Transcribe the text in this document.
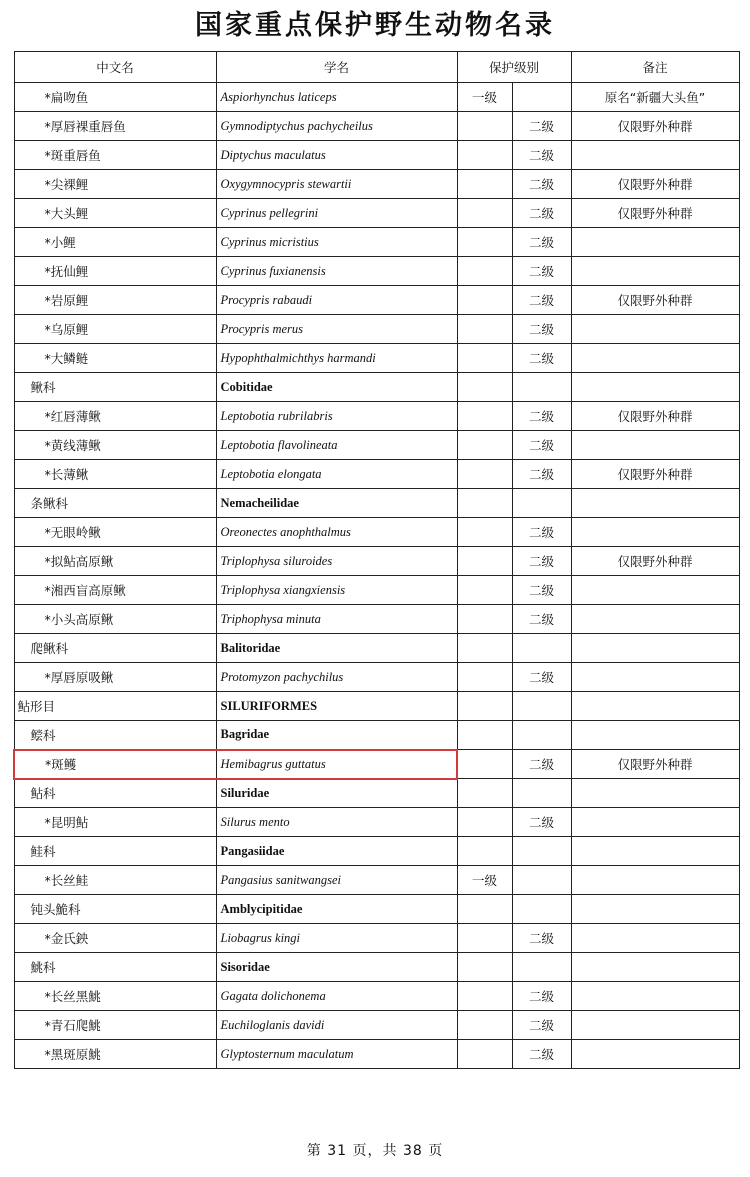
国家重点保护野生动物名录
中文名	学名	保护级别		备注
*扁吻鱼	Aspiorhynchus laticeps	一级		原名“新疆大头鱼”
*厚唇裸重唇鱼	Gymnodiptychus pachycheilus		二级	仅限野外种群
*斑重唇鱼	Diptychus maculatus		二级	
*尖裸鲤	Oxygymnocypris stewartii		二级	仅限野外种群
*大头鲤	Cyprinus pellegrini		二级	仅限野外种群
*小鲤	Cyprinus micristius		二级	
*抚仙鲤	Cyprinus fuxianensis		二级	
*岩原鲤	Procypris rabaudi		二级	仅限野外种群
*乌原鲤	Procypris merus		二级	
*大鳞鲢	Hypophthalmichthys harmandi		二级	
鳅科	Cobitidae			
*红唇薄鳅	Leptobotia rubrilabris		二级	仅限野外种群
*黄线薄鳅	Leptobotia flavolineata		二级	
*长薄鳅	Leptobotia elongata		二级	仅限野外种群
条鳅科	Nemacheilidae			
*无眼岭鳅	Oreonectes anophthalmus		二级	
*拟鲇高原鳅	Triplophysa siluroides		二级	仅限野外种群
*湘西盲高原鳅	Triplophysa xiangxiensis		二级	
*小头高原鳅	Triphophysa minuta		二级	
爬鳅科	Balitoridae			
*厚唇原吸鳅	Protomyzon pachychilus		二级	
鲇形目	SILURIFORMES			
鲿科	Bagridae			
*斑鳠	Hemibagrus guttatus		二级	仅限野外种群
鲇科	Siluridae			
*昆明鲇	Silurus mento		二级	
鲑科	Pangasiidae			
*长丝鲑	Pangasius sanitwangsei	一级		
钝头鮠科	Amblycipitidae			
*金氏鉠	Liobagrus kingi		二级	
鮡科	Sisoridae			
*长丝黑鮡	Gagata dolichonema		二级	
*青石爬鮡	Euchiloglanis davidi		二级	
*黑斑原鮡	Glyptosternum maculatum		二级	
第 31 页，共 38 页
